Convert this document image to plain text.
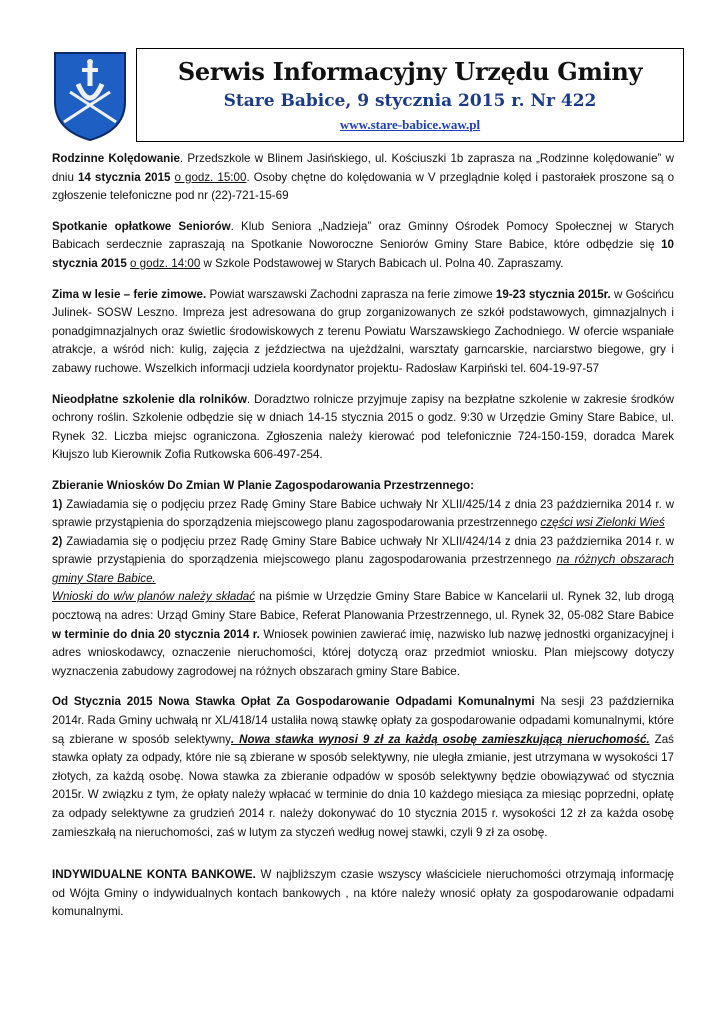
Serwis Informacyjny Urzędu Gminy
Stare Babice, 9 stycznia 2015 r. Nr 422
www.stare-babice.waw.pl

Rodzinne Kolędowanie. Przedszkole w Blinem Jasińskiego, ul. Kościuszki 1b zaprasza na „Rodzinne kolędowanie” w dniu 14 stycznia 2015 o godz. 15:00. Osoby chętne do kolędowania w V przeglądnie kolęd i pastorałek proszone są o zgłoszenie telefoniczne pod nr (22)-721-15-69

Spotkanie opłatkowe Seniorów. Klub Seniora „Nadzieja” oraz Gminny Ośrodek Pomocy Społecznej w Starych Babicach serdecznie zapraszają na Spotkanie Noworoczne Seniorów Gminy Stare Babice, które odbędzie się 10 stycznia 2015 o godz. 14:00 w Szkole Podstawowej w Starych Babicach ul. Polna 40. Zapraszamy.

Zima w lesie – ferie zimowe. Powiat warszawski Zachodni zaprasza na ferie zimowe 19-23 stycznia 2015r. w Gościńcu Julinek- SOSW Leszno. Impreza jest adresowana do grup zorganizowanych ze szkół podstawowych, gimnazjalnych i ponadgimnazjalnych oraz świetlic środowiskowych z terenu Powiatu Warszawskiego Zachodniego. W ofercie wspaniałe atrakcje, a wśród nich: kulig, zajęcia z jeździectwa na ujeżdżalni, warsztaty garncarskie, narciarstwo biegowe, gry i zabawy ruchowe. Wszelkich informacji udziela koordynator projektu- Radosław Karpiński tel. 604-19-97-57

Nieodpłatne szkolenie dla rolników. Doradztwo rolnicze przyjmuje zapisy na bezpłatne szkolenie w zakresie środków ochrony roślin. Szkolenie odbędzie się w dniach 14-15 stycznia 2015 o godz. 9:30 w Urzędzie Gminy Stare Babice, ul. Rynek 32. Liczba miejsc ograniczona. Zgłoszenia należy kierować pod telefonicznie 724-150-159, doradca Marek Kłujszo lub Kierownik Zofia Rutkowska 606-497-254.

Zbieranie Wniosków Do Zmian W Planie Zagospodarowania Przestrzennego:
1) Zawiadamia się o podjęciu przez Radę Gminy Stare Babice uchwały Nr XLII/425/14 z dnia 23 października 2014 r. w sprawie przystąpienia do sporządzenia miejscowego planu zagospodarowania przestrzennego części wsi Zielonki Wieś
2) Zawiadamia się o podjęciu przez Radę Gminy Stare Babice uchwały Nr XLII/424/14 z dnia 23 października 2014 r. w sprawie przystąpienia do sporządzenia miejscowego planu zagospodarowania przestrzennego na różnych obszarach gminy Stare Babice.
Wnioski do w/w planów należy składać na piśmie w Urzędzie Gminy Stare Babice w Kancelarii ul. Rynek 32, lub drogą pocztową na adres: Urząd Gminy Stare Babice, Referat Planowania Przestrzennego, ul. Rynek 32, 05-082 Stare Babice w terminie do dnia 20 stycznia 2014 r. Wniosek powinien zawierać imię, nazwisko lub nazwę jednostki organizacyjnej i adres wnioskodawcy, oznaczenie nieruchomości, której dotyczą oraz przedmiot wniosku. Plan miejscowy dotyczy wyznaczenia zabudowy zagrodowej na różnych obszarach gminy Stare Babice.

Od Stycznia 2015 Nowa Stawka Opłat Za Gospodarowanie Odpadami Komunalnymi Na sesji 23 października 2014r. Rada Gminy uchwałą nr XL/418/14 ustaliła nową stawkę opłaty za gospodarowanie odpadami komunalnymi, które są zbierane w sposób selektywny. Nowa stawka wynosi 9 zł za każdą osobę zamieszkującą nieruchomość. Zaś stawka opłaty za odpady, które nie są zbierane w sposób selektywny, nie uległa zmianie, jest utrzymana w wysokości 17 złotych, za każdą osobę. Nowa stawka za zbieranie odpadów w sposób selektywny będzie obowiązywać od stycznia 2015r. W związku z tym, że opłaty należy wpłacać w terminie do dnia 10 każdego miesiąca za miesiąc poprzedni, opłatę za odpady selektywne za grudzień 2014 r. należy dokonywać do 10 stycznia 2015 r. wysokości 12 zł za każda osobę zamieszkałą na nieruchomości, zaś w lutym za styczeń według nowej stawki, czyli 9 zł za osobę.

INDYWIDUALNE KONTA BANKOWE. W najbliższym czasie wszyscy właściciele nieruchomości otrzymają informację od Wójta Gminy o indywidualnych kontach bankowych , na które należy wnosić opłaty za gospodarowanie odpadami komunalnymi.
